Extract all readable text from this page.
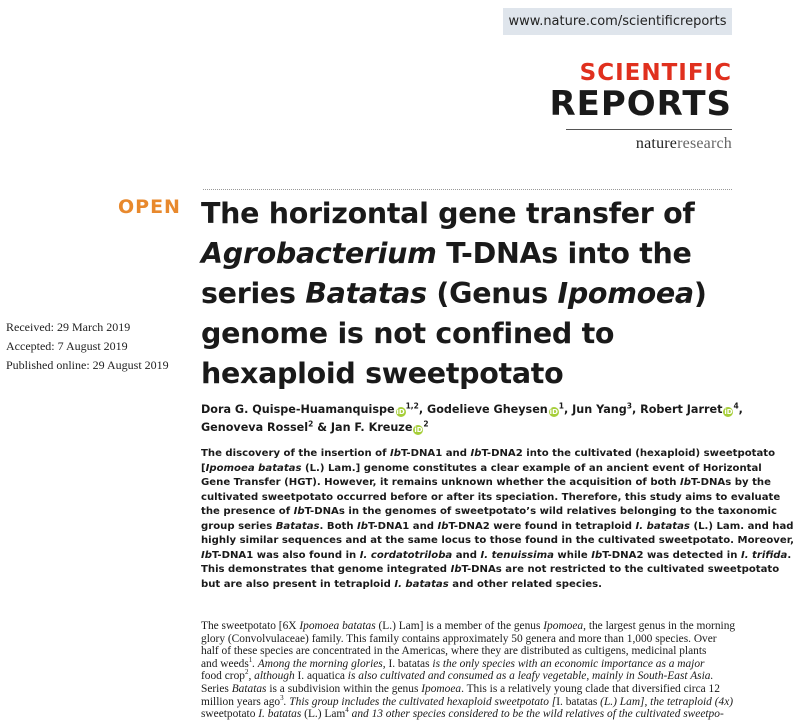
www.nature.com/scientificreports
SCIENTIFIC
REPORTS
natureresearch
OPEN The horizontal gene transfer of
Agrobacterium T-DNAs into the
series Batatas (Genus Ipomoea)
genome is not confined to
hexaploid sweetpotato
Received: 29 March 2019
Accepted: 7 August 2019
Published online: 29 August 2019
Dora G. Quispe-Huamanquispe iD$^{1,2}$, Godelieve Gheysen $iD^1$, Jun Yang$^3$, Robert Jarret $iD^4$,
Genoveva Rossel$^2$ & Jan F. Kreuze $iD^2$
The discovery of the insertion of IbT-DNA1 and IbT-DNA2 into the cultivated (hexaploid) sweetpotato
[Ipomoea batatas (L.) Lam.] genome constitutes a clear example of an ancient event of Horizontal
Gene Transfer (HGT). However, it remains unknown whether the acquisition of both IbT-DNAs by the
cultivated sweetpotato occurred before or after its speciation. Therefore, this study aims to evaluate
the presence of IbT-DNAs in the genomes of sweetpotato’s wild relatives belonging to the taxonomic
group series Batatas. Both IbT-DNA1 and IbT-DNA2 were found in tetraploid I. batatas (L.) Lam. and had
highly similar sequences and at the same locus to those found in the cultivated sweetpotato. Moreover,
IbT-DNA1 was also found in I. cordatotriloba and I. tenuissima while IbT-DNA2 was detected in I. trifida.
This demonstrates that genome integrated IbT-DNAs are not restricted to the cultivated sweetpotato
but are also present in tetraploid I. batatas and other related species.
The sweetpotato [6X Ipomoea batatas (L.) Lam] is a member of the genus Ipomoea, the largest genus in the morning
glory (Convolvulaceae) family. This family contains approximately 50 genera and more than 1,000 species. Over
half of these species are concentrated in the Americas, where they are distributed as cultigens, medicinal plants
and weeds$^1$. Among the morning glories, I. batatas is the only species with an economic importance as a major
food crop$^2$, although I. aquatica is also cultivated and consumed as a leafy vegetable, mainly in South-East Asia.
Series Batatas is a subdivision within the genus Ipomoea. This is a relatively young clade that diversified circa 12
million years ago$^3$. This group includes the cultivated hexaploid sweetpotato [I. batatas (L.) Lam], the tetraploid (4x)
sweetpotato I. batatas (L.) Lam$^4$ and 13 other species considered to be the wild relatives of the cultivated sweetpo-
